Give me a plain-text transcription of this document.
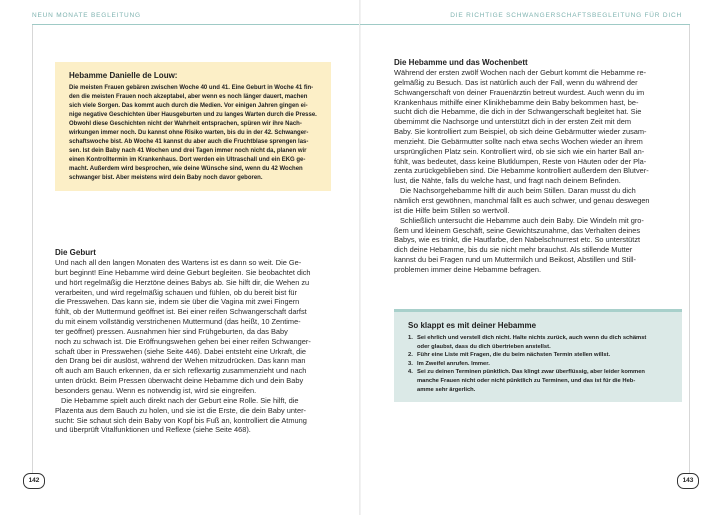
NEUN MONATE BEGLEITUNG
Hebamme Danielle de Louw:
Die meisten Frauen gebären zwischen Woche 40 und 41. Eine Geburt in Woche 41 fin-
den die meisten Frauen noch akzeptabel, aber wenn es noch länger dauert, machen
sich viele Sorgen. Das kommt auch durch die Medien. Vor einigen Jahren gingen ei-
nige negative Geschichten über Hausgeburten und zu langes Warten durch die Presse.
Obwohl diese Geschichten nicht der Wahrheit entsprachen, spüren wir ihre Nach-
wirkungen immer noch. Du kannst ohne Risiko warten, bis du in der 42. Schwanger-
schaftswoche bist. Ab Woche 41 kannst du aber auch die Fruchtblase sprengen las-
sen. Ist dein Baby nach 41 Wochen und drei Tagen immer noch nicht da, planen wir
einen Kontrolltermin im Krankenhaus. Dort werden ein Ultraschall und ein EKG ge-
macht. Außerdem wird besprochen, wie deine Wünsche sind, wenn du 42 Wochen
schwanger bist. Aber meistens wird dein Baby noch davor geboren.
Die Geburt
Und nach all den langen Monaten des Wartens ist es dann so weit. Die Ge-
burt beginnt! Eine Hebamme wird deine Geburt begleiten. Sie beobachtet dich
und hört regelmäßig die Herztöne deines Babys ab. Sie hilft dir, die Wehen zu
verarbeiten, und wird regelmäßig schauen und fühlen, ob du bereit bist für
die Presswehen. Das kann sie, indem sie über die Vagina mit zwei Fingern
fühlt, ob der Muttermund geöffnet ist. Bei einer reifen Schwangerschaft darfst
du mit einem vollständig verstrichenen Muttermund (das heißt, 10 Zentime-
ter geöffnet) pressen. Ausnahmen hier sind Frühgeburten, da das Baby
noch zu schwach ist. Die Eröffnungswehen gehen bei einer reifen Schwanger-
schaft über in Presswehen (siehe Seite 446). Dabei entsteht eine Urkraft, die
den Drang bei dir auslöst, während der Wehen mitzudrücken. Das kann man
oft auch am Bauch erkennen, da er sich reflexartig zusammenzieht und nach
unten drückt. Beim Pressen überwacht deine Hebamme dich und dein Baby
besonders genau. Wenn es notwendig ist, wird sie eingreifen.
Die Hebamme spielt auch direkt nach der Geburt eine Rolle. Sie hilft, die
Plazenta aus dem Bauch zu holen, und sie ist die Erste, die dein Baby unter-
sucht: Sie schaut sich dein Baby von Kopf bis Fuß an, kontrolliert die Atmung
und überprüft Vitalfunktionen und Reflexe (siehe Seite 468).
142
DIE RICHTIGE SCHWANGERSCHAFTSBEGLEITUNG FÜR DICH
Die Hebamme und das Wochenbett
Während der ersten zwölf Wochen nach der Geburt kommt die Hebamme re-
gelmäßig zu Besuch. Das ist natürlich auch der Fall, wenn du während der
Schwangerschaft von deiner Frauenärztin betreut wurdest. Auch wenn du im
Krankenhaus mithilfe einer Klinikhebamme dein Baby bekommen hast, be-
sucht dich die Hebamme, die dich in der Schwangerschaft begleitet hat. Sie
übernimmt die Nachsorge und unterstützt dich in der ersten Zeit mit dem
Baby. Sie kontrolliert zum Beispiel, ob sich deine Gebärmutter wieder zusam-
menzieht. Die Gebärmutter sollte nach etwa sechs Wochen wieder an ihrem
ursprünglichen Platz sein. Kontrolliert wird, ob sie sich wie ein harter Ball an-
fühlt, was bedeutet, dass keine Blutklumpen, Reste von Häuten oder der Pla-
zenta zurückgeblieben sind. Die Hebamme kontrolliert außerdem den Blutver-
lust, die Nähte, falls du welche hast, und fragt nach deinem Befinden.
Die Nachsorgehebamme hilft dir auch beim Stillen. Daran musst du dich
nämlich erst gewöhnen, manchmal fällt es auch schwer, und genau deswegen
ist die Hilfe beim Stillen so wertvoll.
Schließlich untersucht die Hebamme auch dein Baby. Die Windeln mit gro-
ßem und kleinem Geschäft, seine Gewichtszunahme, das Verhalten deines
Babys, wie es trinkt, die Hautfarbe, den Nabelschnurrest etc. So unterstützt
dich deine Hebamme, bis du sie nicht mehr brauchst. Als stillende Mutter
kannst du bei Fragen rund um Muttermilch und Beikost, Abstillen und Still-
problemen immer deine Hebamme befragen.
So klappt es mit deiner Hebamme
1. Sei ehrlich und verstell dich nicht. Halte nichts zurück, auch wenn du dich schämst
oder glaubst, dass du dich übertrieben anstellst.
2. Führ eine Liste mit Fragen, die du beim nächsten Termin stellen willst.
3. Im Zweifel anrufen. Immer.
4. Sei zu deinen Terminen pünktlich. Das klingt zwar überflüssig, aber leider kommen
manche Frauen nicht oder nicht pünktlich zu Terminen, und das ist für die Heb-
amme sehr ärgerlich.
143
